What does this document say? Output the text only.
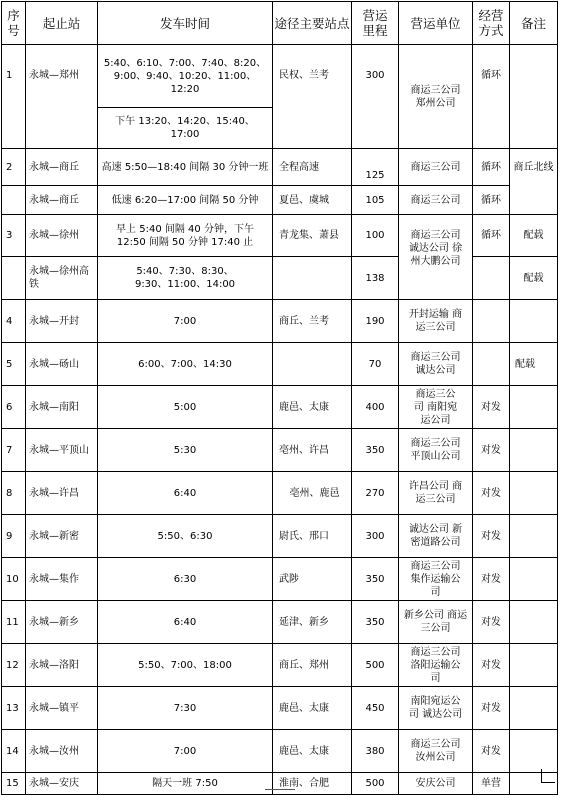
序号	起止站	发车时间	途径主要站点	营运里程	营运单位	经营方式	备注
1	永城—郑州	5:40、6:10、7:00、7:40、8:20、9:00、9:40、10:20、11:00、12:20	民权、兰考	300	商运三公司 郑州公司	循环	
		下午 13:20、14:20、15:40、17:00					
2	永城—商丘	高速 5:50—18:40 间隔 30 分钟一班	全程高速	125	商运三公司	循环	商丘北线
	永城—商丘	低速 6:20—17:00 间隔 50 分钟	夏邑、虞城	105	商运三公司	循环	
3	永城—徐州	早上 5:40 间隔 40 分钟，下午 12:50 间隔 50 分钟 17:40 止	青龙集、萧县	100	商运三公司 诚达公司 徐州大鹏公司	循环	配载
	永城—徐州高铁	5:40、7:30、8:30、9:30、11:00、14:00		138			配载
4	永城—开封	7:00	商丘、兰考	190	开封运输 商运三公司		
5	永城—砀山	6:00、7:00、14:30		70	商运三公司 诚达公司		配载
6	永城—南阳	5:00	鹿邑、太康	400	商运三公司 南阳宛运公司	对发	
7	永城—平顶山	5:30	亳州、许昌	350	商运三公司 平顶山公司	对发	
8	永城—许昌	6:40	亳州、鹿邑	270	许昌公司 商运三公司	对发	
9	永城—新密	5:50、6:30	尉氏、邢口	300	诚达公司 新密道路公司	对发	
10	永城—集作	6:30	武陟	350	商运三公司 集作运输公司	对发	
11	永城—新乡	6:40	延津、新乡	350	新乡公司 商运三公司	对发	
12	永城—洛阳	5:50、7:00、18:00	商丘、郑州	500	商运三公司 洛阳运输公司	对发	
13	永城—镇平	7:30	鹿邑、太康	450	南阳宛运公司 诚达公司	对发	
14	永城—汝州	7:00	鹿邑、太康	380	商运三公司 汝州公司	对发	
15	永城—安庆	隔天一班 7:50	淮南、合肥	500	安庆公司	单营	
